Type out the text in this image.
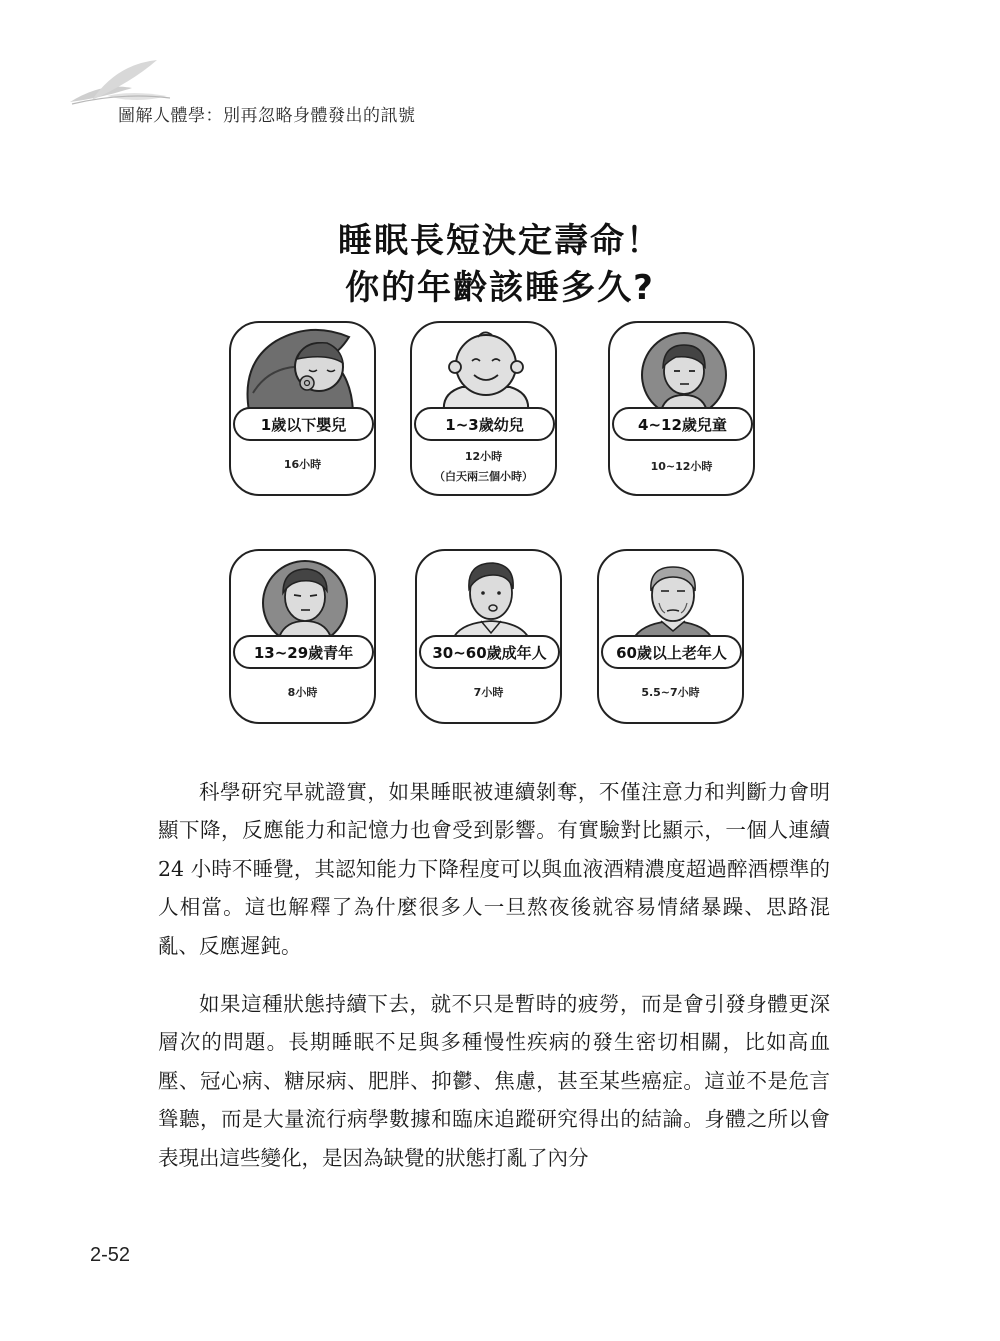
圖解人體學：別再忽略身體發出的訊號
睡眠長短決定壽命！
你的年齡該睡多久?
1歲以下嬰兒
16小時
1~3歲幼兒
12小時
（白天兩三個小時）
4~12歲兒童
10~12小時
13~29歲青年
8小時
30~60歲成年人
7小時
60歲以上老年人
5.5~7小時

科學研究早就證實，如果睡眠被連續剝奪，不僅注意力和判斷力會明顯下降，反應能力和記憶力也會受到影響。有實驗對比顯示，一個人連續 24 小時不睡覺，其認知能力下降程度可以與血液酒精濃度超過醉酒標準的人相當。這也解釋了為什麼很多人一旦熬夜後就容易情緒暴躁、思路混亂、反應遲鈍。

如果這種狀態持續下去，就不只是暫時的疲勞，而是會引發身體更深層次的問題。長期睡眠不足與多種慢性疾病的發生密切相關，比如高血壓、冠心病、糖尿病、肥胖、抑鬱、焦慮，甚至某些癌症。這並不是危言聳聽，而是大量流行病學數據和臨床追蹤研究得出的結論。身體之所以會表現出這些變化，是因為缺覺的狀態打亂了內分

2-52
